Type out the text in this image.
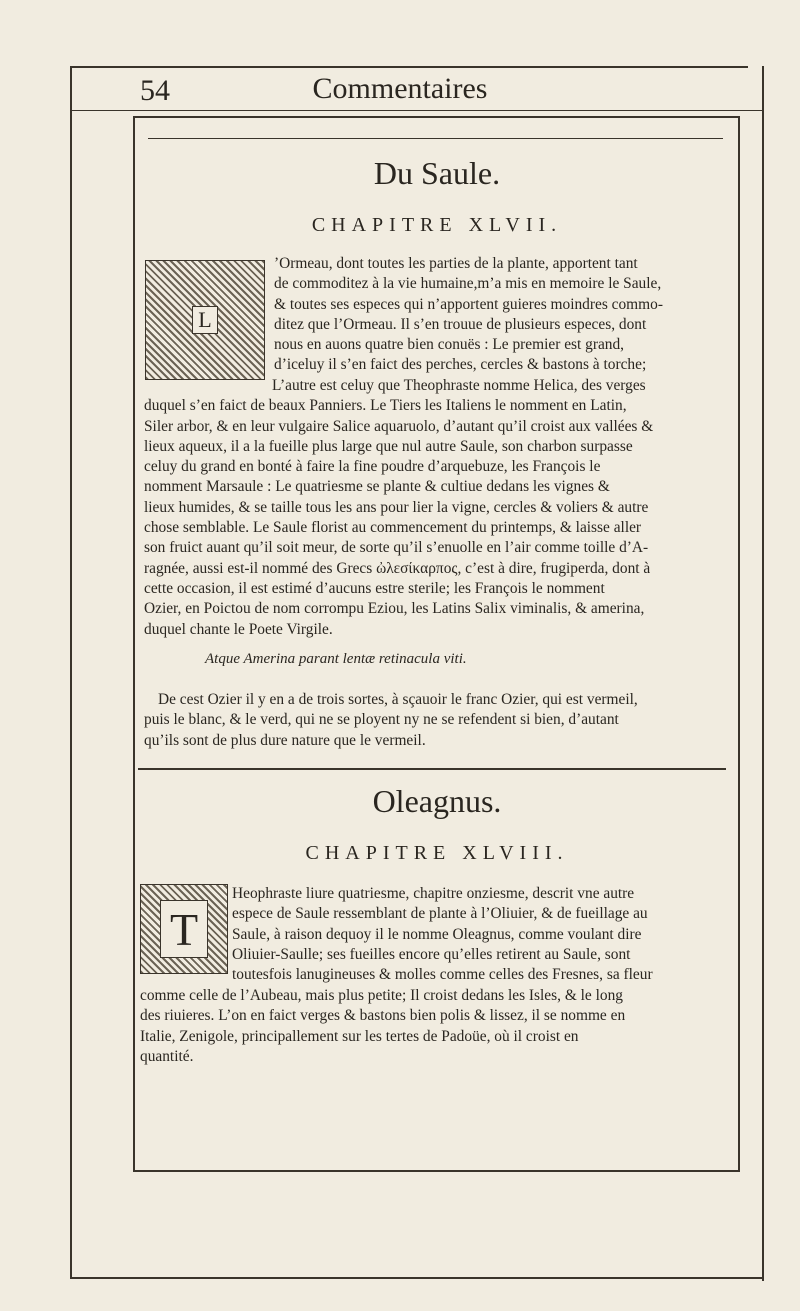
54	Commentaires
Du Saule.
CHAPITRE XLVII.
L

’Ormeau, dont toutes les parties de la plante, apportent tant

de commoditez à la vie humaine,m’a mis en memoire le Saule,

& toutes ses especes qui n’apportent guieres moindres commo-

ditez que l’Ormeau. Il s’en trouue de plusieurs especes, dont

nous en auons quatre bien conuës : Le premier est grand,

d’iceluy il s’en faict des perches, cercles & bastons à torche;

L’autre est celuy que Theophraste nomme Helica, des verges

duquel s’en faict de beaux Panniers. Le Tiers les Italiens le nomment en Latin,

Siler arbor, & en leur vulgaire Salice aquaruolo, d’autant qu’il croist aux vallées &

lieux aqueux, il a la fueille plus large que nul autre Saule, son charbon surpasse

celuy du grand en bonté à faire la fine poudre d’arquebuze, les François le

nomment Marsaule : Le quatriesme se plante & cultiue dedans les vignes &

lieux humides, & se taille tous les ans pour lier la vigne, cercles & voliers & autre

chose semblable. Le Saule florist au commencement du printemps, & laisse aller

son fruict auant qu’il soit meur, de sorte qu’il s’enuolle en l’air comme toille d’A-

ragnée, aussi est-il nommé des Grecs ὠλεσίκαρπος, c’est à dire, frugiperda, dont à

cette occasion, il est estimé d’aucuns estre sterile; les François le nomment

Ozier, en Poictou de nom corrompu Eziou, les Latins Salix viminalis, & amerina,

duquel chante le Poete Virgile.

Atque Amerina parant lentæ retinacula viti.

De cest Ozier il y en a de trois sortes, à sçauoir le franc Ozier, qui est vermeil,

puis le blanc, & le verd, qui ne se ployent ny ne se refendent si bien, d’autant

qu’ils sont de plus dure nature que le vermeil.

Oleagnus.
CHAPITRE XLVIII.
T

Heophraste liure quatriesme, chapitre onziesme, descrit vne autre

espece de Saule ressemblant de plante à l’Oliuier, & de fueillage au

Saule, à raison dequoy il le nomme Oleagnus, comme voulant dire

Oliuier-Saulle; ses fueilles encore qu’elles retirent au Saule, sont

toutesfois lanugineuses & molles comme celles des Fresnes, sa fleur

comme celle de l’Aubeau, mais plus petite; Il croist dedans les Isles, & le long

des riuieres. L’on en faict verges & bastons bien polis & lissez, il se nomme en

Italie, Zenigole, principallement sur les tertes de Padoüe, où il croist en

quantité.
